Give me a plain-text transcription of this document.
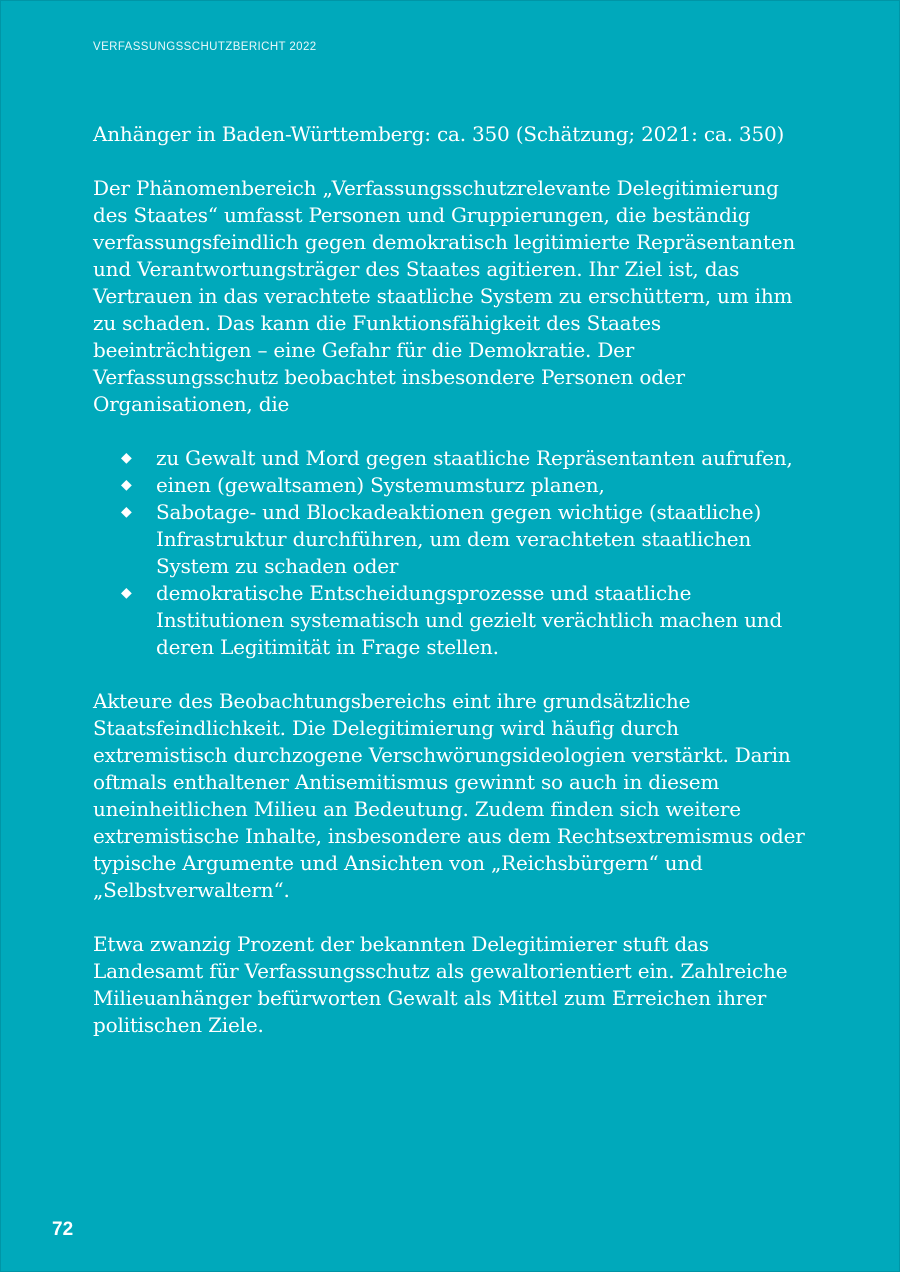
VERFASSUNGSSCHUTZBERICHT 2022

Anhänger in Baden-Württemberg: ca. 350 (Schätzung; 2021: ca. 350)

Der Phänomenbereich „Verfassungsschutzrelevante Delegitimierung des Staates“ umfasst Personen und Gruppierungen, die beständig verfassungsfeindlich gegen demokratisch legitimierte Repräsentanten und Verantwortungsträger des Staates agitieren. Ihr Ziel ist, das Vertrauen in das verachtete staatliche System zu erschüttern, um ihm zu schaden. Das kann die Funktionsfähigkeit des Staates beeinträchtigen – eine Gefahr für die Demokratie. Der Verfassungsschutz beobachtet insbesondere Personen oder Organisationen, die

◆ zu Gewalt und Mord gegen staatliche Repräsentanten aufrufen,
◆ einen (gewaltsamen) Systemumsturz planen,
◆ Sabotage- und Blockadeaktionen gegen wichtige (staatliche) Infrastruktur durchführen, um dem verachteten staatlichen System zu schaden oder
◆ demokratische Entscheidungsprozesse und staatliche Institutionen systematisch und gezielt verächtlich machen und deren Legitimität in Frage stellen.

Akteure des Beobachtungsbereichs eint ihre grundsätzliche Staatsfeindlichkeit. Die Delegitimierung wird häufig durch extremistisch durchzogene Verschwörungsideologien verstärkt. Darin oftmals enthaltener Antisemitismus gewinnt so auch in diesem uneinheitlichen Milieu an Bedeutung. Zudem finden sich weitere extremistische Inhalte, insbesondere aus dem Rechtsextremismus oder typische Argumente und Ansichten von „Reichsbürgern“ und „Selbstverwaltern“.

Etwa zwanzig Prozent der bekannten Delegitimierer stuft das Landesamt für Verfassungsschutz als gewaltorientiert ein. Zahlreiche Milieuanhänger befürworten Gewalt als Mittel zum Erreichen ihrer politischen Ziele.

72
